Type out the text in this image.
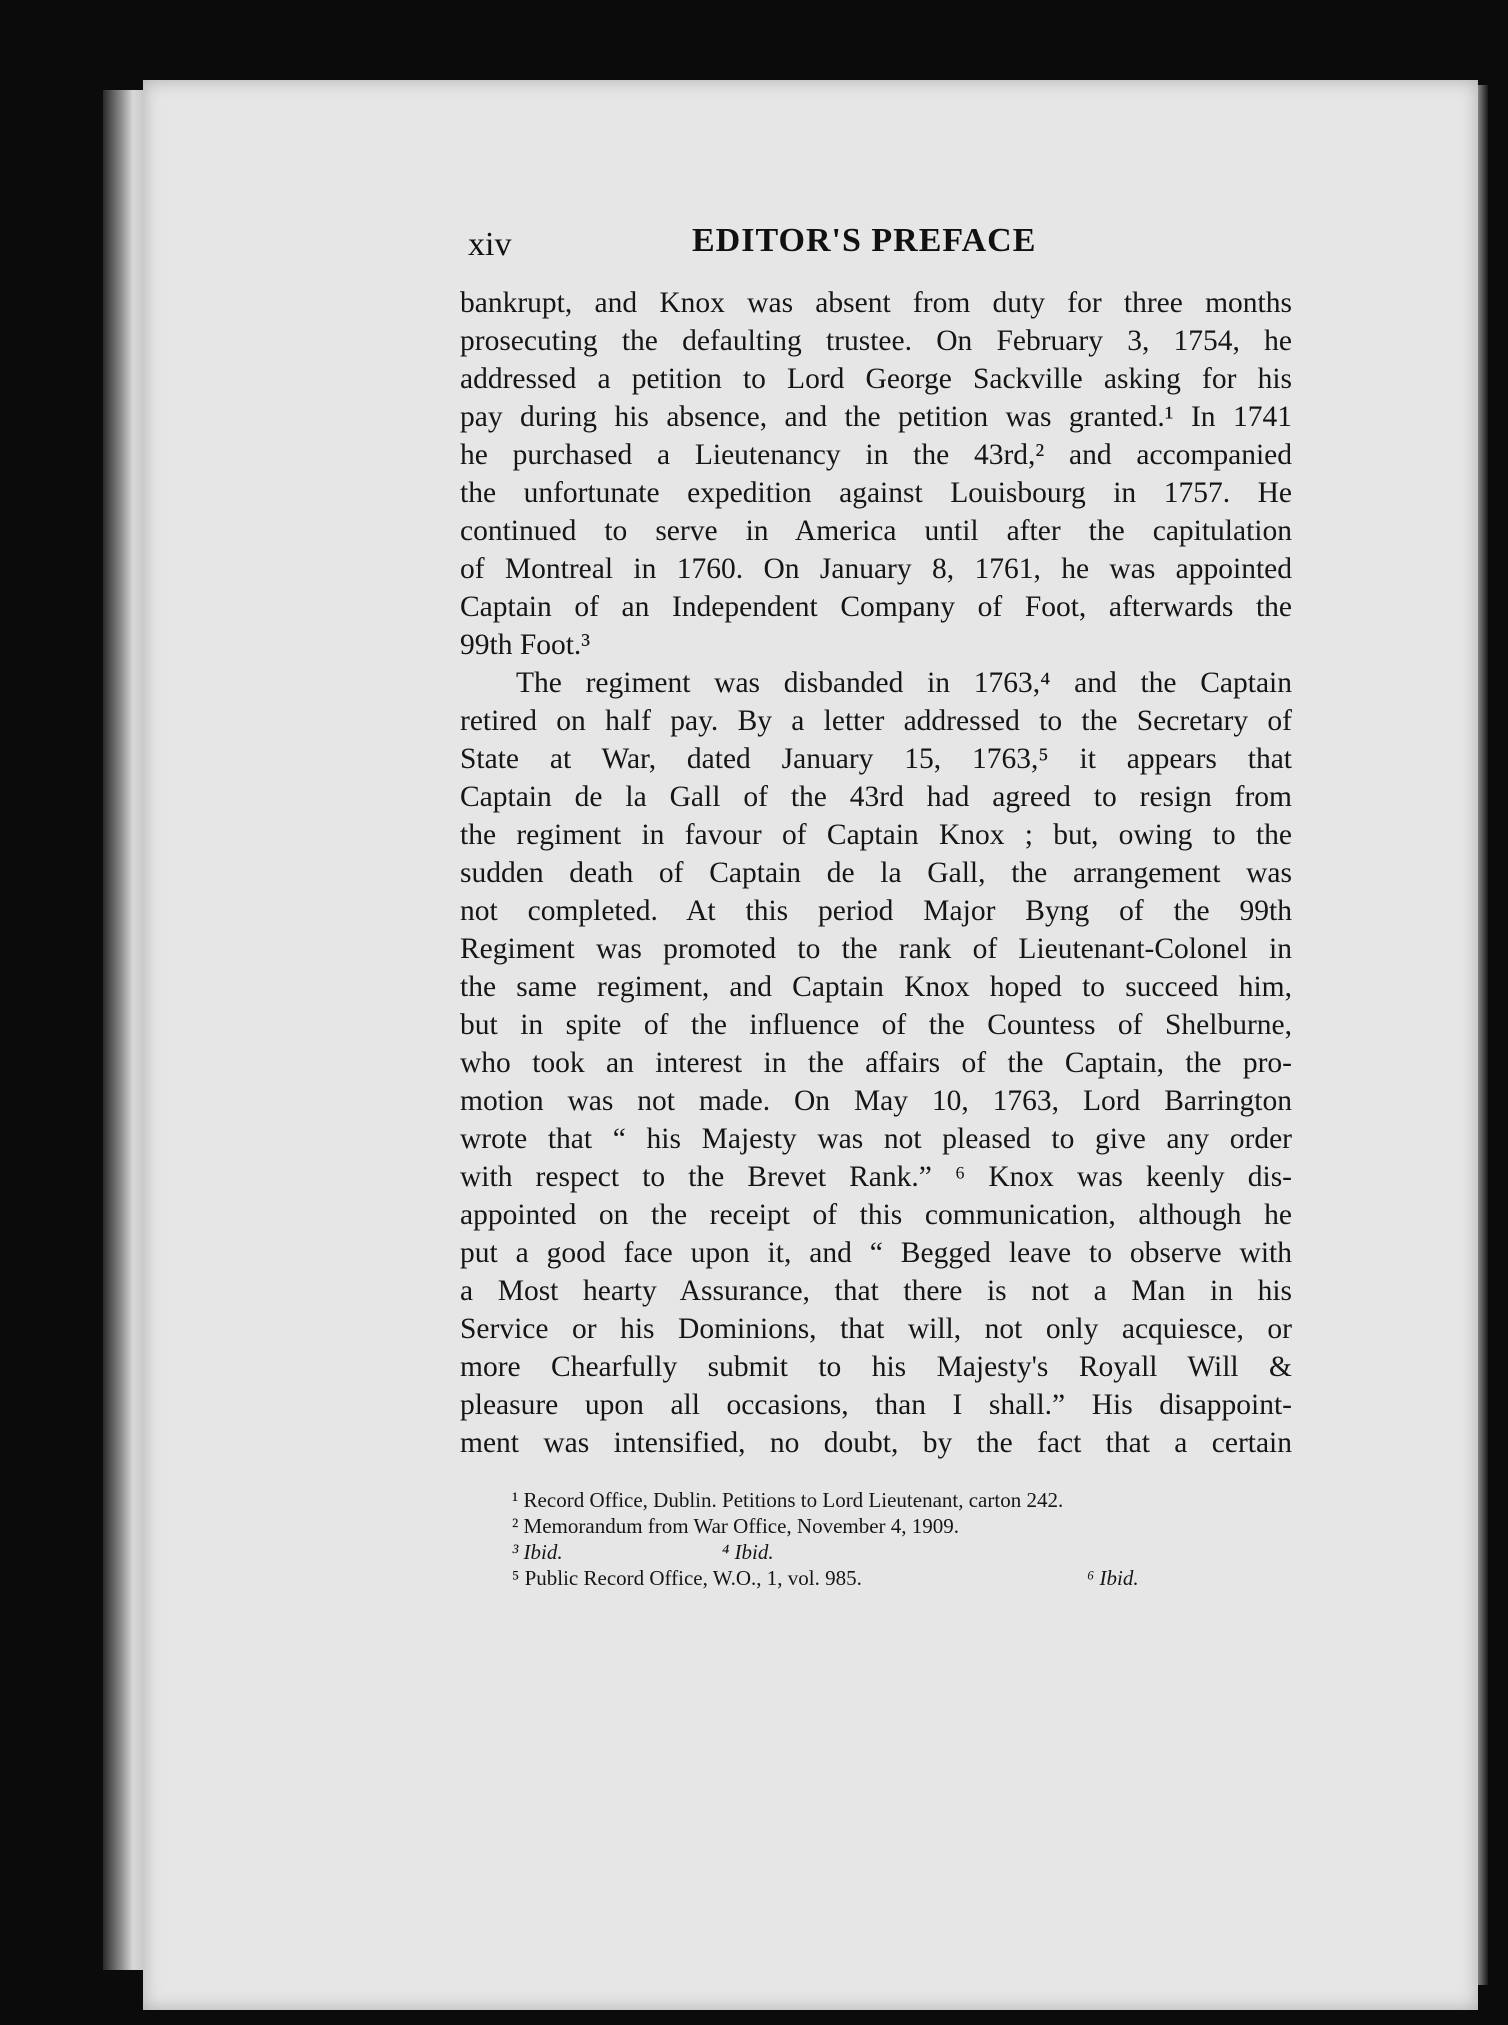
xiv	EDITOR'S PREFACE
bankrupt, and Knox was absent from duty for three months
prosecuting the defaulting trustee. On February 3, 1754, he
addressed a petition to Lord George Sackville asking for his
pay during his absence, and the petition was granted.¹ In 1741
he purchased a Lieutenancy in the 43rd,² and accompanied
the unfortunate expedition against Louisbourg in 1757. He
continued to serve in America until after the capitulation
of Montreal in 1760. On January 8, 1761, he was appointed
Captain of an Independent Company of Foot, afterwards the
99th Foot.³
The regiment was disbanded in 1763,⁴ and the Captain
retired on half pay. By a letter addressed to the Secretary of
State at War, dated January 15, 1763,⁵ it appears that
Captain de la Gall of the 43rd had agreed to resign from
the regiment in favour of Captain Knox ; but, owing to the
sudden death of Captain de la Gall, the arrangement was
not completed. At this period Major Byng of the 99th
Regiment was promoted to the rank of Lieutenant-Colonel in
the same regiment, and Captain Knox hoped to succeed him,
but in spite of the influence of the Countess of Shelburne,
who took an interest in the affairs of the Captain, the pro-
motion was not made. On May 10, 1763, Lord Barrington
wrote that “ his Majesty was not pleased to give any order
with respect to the Brevet Rank.” ⁶ Knox was keenly dis-
appointed on the receipt of this communication, although he
put a good face upon it, and “ Begged leave to observe with
a Most hearty Assurance, that there is not a Man in his
Service or his Dominions, that will, not only acquiesce, or
more Chearfully submit to his Majesty's Royall Will &
pleasure upon all occasions, than I shall.” His disappoint-
ment was intensified, no doubt, by the fact that a certain
¹ Record Office, Dublin. Petitions to Lord Lieutenant, carton 242.
² Memorandum from War Office, November 4, 1909.
³ Ibid.	⁴ Ibid.
⁵ Public Record Office, W.O., 1, vol. 985.	⁶ Ibid.
